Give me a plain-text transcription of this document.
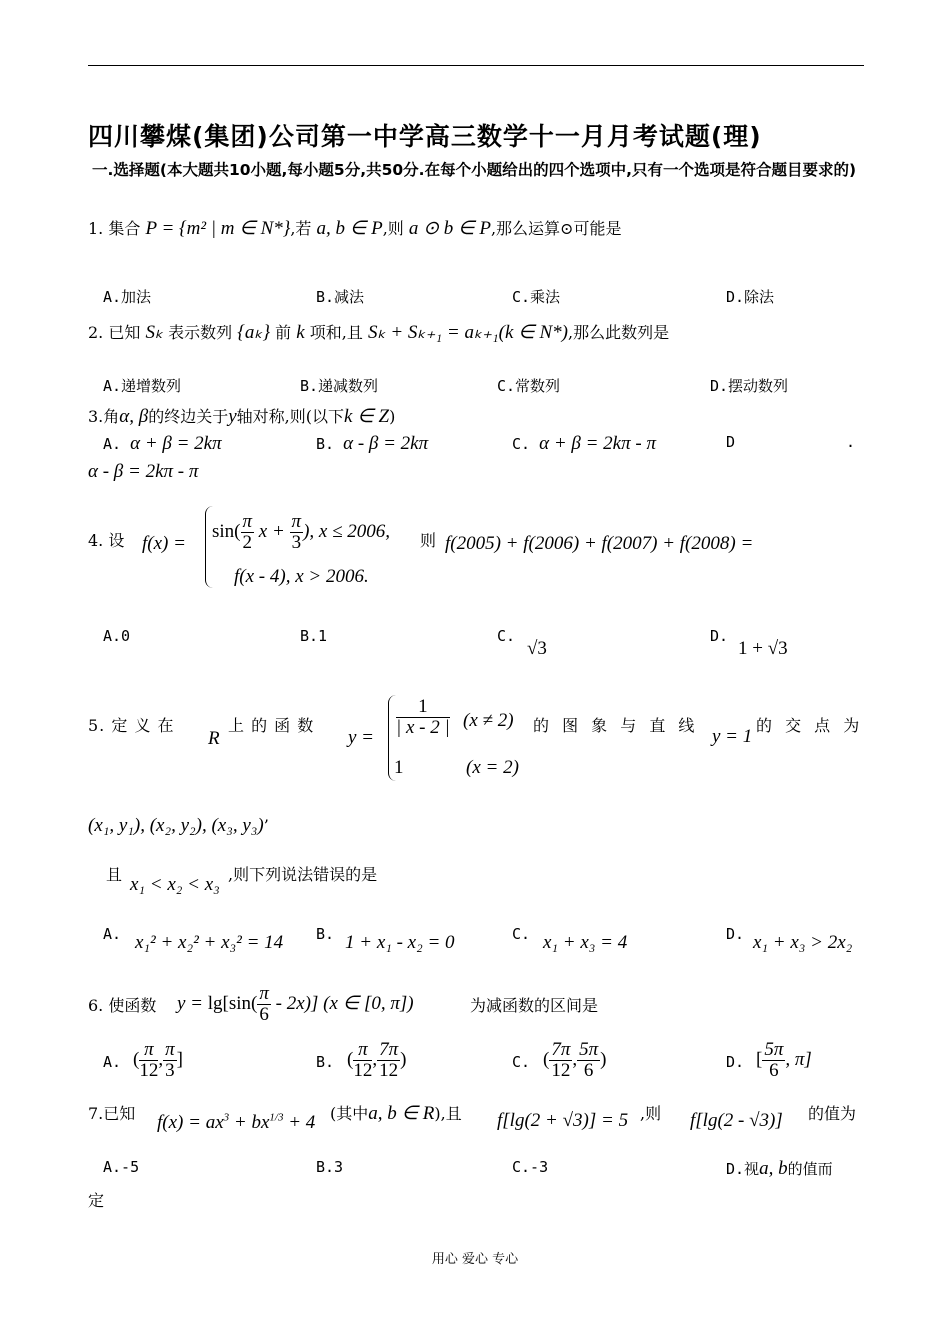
四川攀煤(集团)公司第一中学高三数学十一月月考试题(理)
一.选择题(本大题共10小题,每小题5分,共50分.在每个小题给出的四个选项中,只有一个选项是符合题目要求的)
1. 集合 P = {m² | m ∈ N*},若 a, b ∈ P,则 a ⊙ b ∈ P,那么运算⊙可能是
A.加法	B.减法	C.乘法	D.除法
2. 已知 Sₖ 表示数列 {aₖ} 前 k 项和,且 Sₖ + Sₖ₊₁ = aₖ₊₁(k ∈ N*),那么此数列是
A.递增数列	B.递减数列	C.常数列	D.摆动数列
3.角α, β的终边关于y轴对称,则(以下k ∈ Z)
A. α + β = 2kπ	B. α - β = 2kπ	C. α + β = 2kπ - π	D	.
α - β = 2kπ - π
4. 设 f(x) =
$\sin( \frac{\pi}{2}$ $x + \frac{\pi}{3}$ ), x ≤ 2006,
f(x - 4), x > 2006.
则 f(2005) + f(2006) + f(2007) + f(2008) =
A.0	B.1	C.
√3
D.
1 + √3
5. 定 义 在
R
上 的 函 数
$y = \frac{1}{| x - 2 |} (x \ne 2)$
1	(x = 2)
的 图 象 与 直 线
y = 1
的 交 点 为
(x₁, y₁), (x₂, y₂), (x₃, y₃)’
且 x₁ < x₂ < x₃ ,则下列说法错误的是
A. x₁² + x₂² + x₃² = 14 B. 1 + x₁ - x₂ = 0	C. x₁ + x₃ = 4	D. x₁ + x₃ > 2x₂
6. 使函数 $y = \lg[\sin( \frac{\pi}{6} - 2x)]$ (x ∈ [0, π])	为减函数的区间是
A. ( $\frac{\pi}{12}$ , $\frac{\pi}{3}$ ]	B. ( $\frac{\pi}{12}$ , $\frac{7\pi}{12}$ )	C. ( $\frac{7\pi}{12}$ , $\frac{5\pi}{6}$ )	D. [ $\frac{5\pi}{6}$ , π]
7.已知 $f(x) = ax^3 + bx^{1/3} + 4$ (其中a, b ∈ R),且 f[lg(2 + √3)] = 5 ,则 f[lg(2 - √3)] 的值为
A.-5	B.3	C.-3	D.视a, b的值而
定
用心 爱心 专心
